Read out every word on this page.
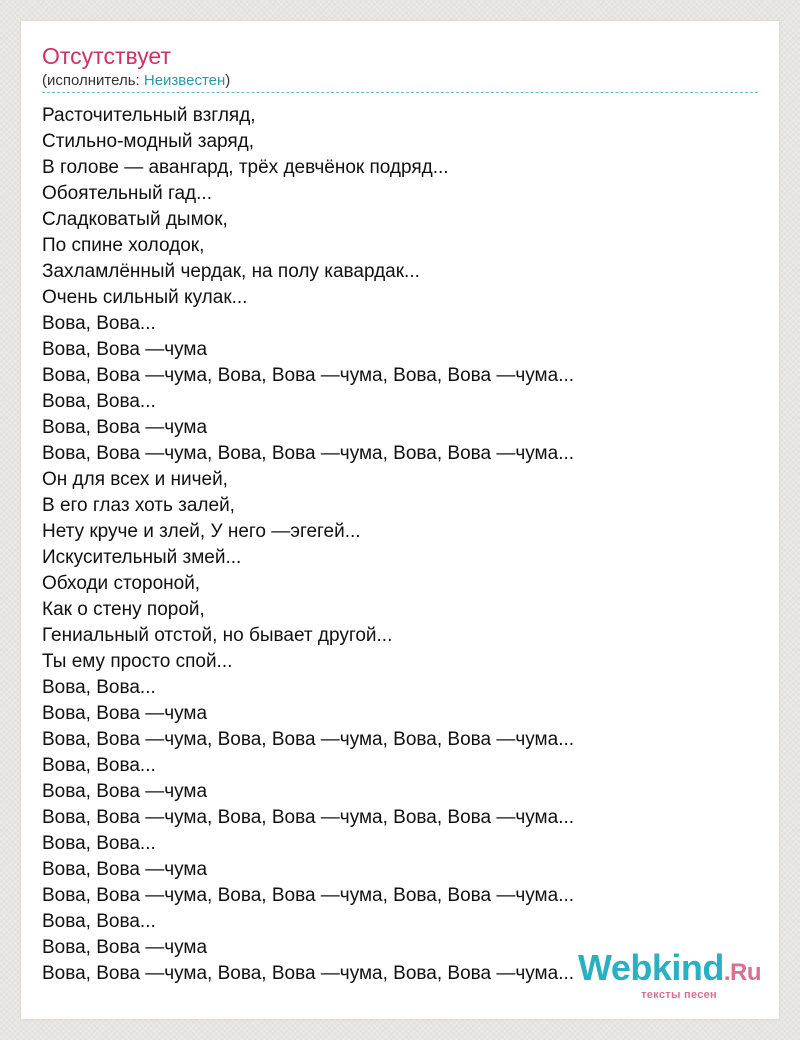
Отсутствует
(исполнитель: Неизвестен)
Расточительный взгляд,
Стильно-модный заряд,
В голове — авангард, трёх девчёнок подряд...
Обоятельный гад...
Сладковатый дымок,
По спине холодок,
Захламлённый чердак, на полу кавардак...
Очень сильный кулак...
Вова, Вова...
Вова, Вова —чума
Вова, Вова —чума, Вова, Вова —чума, Вова, Вова —чума...
Вова, Вова...
Вова, Вова —чума
Вова, Вова —чума, Вова, Вова —чума, Вова, Вова —чума...
Он для всех и ничей,
В его глаз хоть залей,
Нету круче и злей, У него —эгегей...
Искусительный змей...
Обходи стороной,
Как о стену порой,
Гениальный отстой, но бывает другой...
Ты ему просто спой...
Вова, Вова...
Вова, Вова —чума
Вова, Вова —чума, Вова, Вова —чума, Вова, Вова —чума...
Вова, Вова...
Вова, Вова —чума
Вова, Вова —чума, Вова, Вова —чума, Вова, Вова —чума...
Вова, Вова...
Вова, Вова —чума
Вова, Вова —чума, Вова, Вова —чума, Вова, Вова —чума...
Вова, Вова...
Вова, Вова —чума
Вова, Вова —чума, Вова, Вова —чума, Вова, Вова —чума... Webkind.Ru
тексты песен
